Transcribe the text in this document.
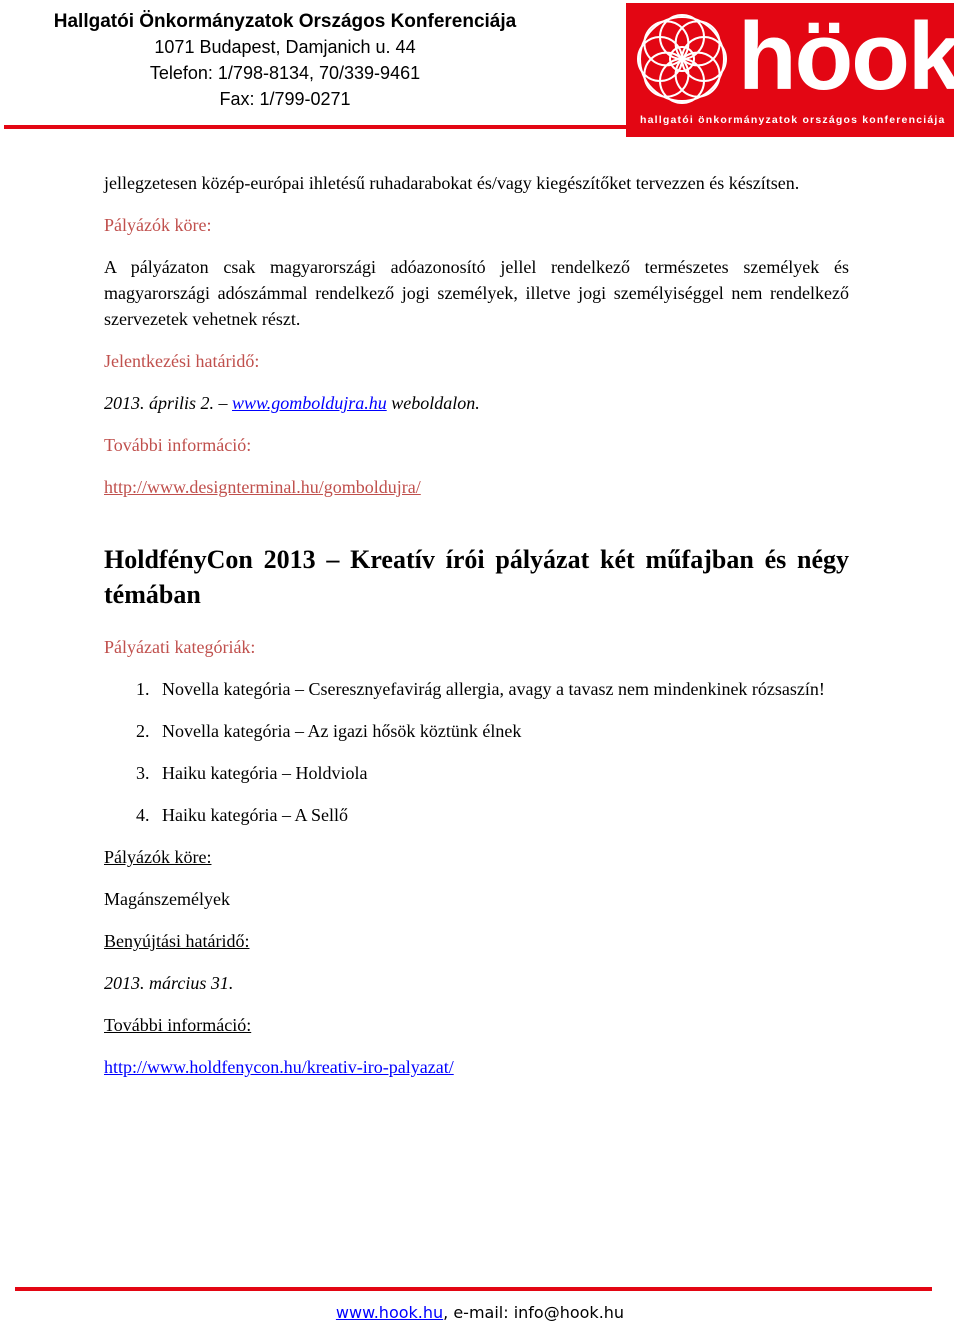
Hallgatói Önkormányzatok Országos Konferenciája
1071 Budapest, Damjanich u. 44
Telefon: 1/798-8134, 70/339-9461
Fax: 1/799-0271	höok
hallgatói önkormányzatok országos konferenciája

jellegzetesen közép-európai ihletésű ruhadarabokat és/vagy kiegészítőket tervezzen és készítsen.

Pályázók köre:

A pályázaton csak magyarországi adóazonosító jellel rendelkező természetes személyek és magyarországi adószámmal rendelkező jogi személyek, illetve jogi személyiséggel nem rendelkező szervezetek vehetnek részt.

Jelentkezési határidő:

2013. április 2. – www.gomboldujra.hu weboldalon.

További információ:

http://www.designterminal.hu/gomboldujra/

HoldfényCon 2013 – Kreatív írói pályázat két műfajban és négy témában

Pályázati kategóriák:

1. Novella kategória – Cseresznyefavirág allergia, avagy a tavasz nem mindenkinek rózsaszín!
2. Novella kategória – Az igazi hősök köztünk élnek
3. Haiku kategória – Holdviola
4. Haiku kategória – A Sellő

Pályázók köre:

Magánszemélyek

Benyújtási határidő:

2013. március 31.

További információ:

http://www.holdfenycon.hu/kreativ-iro-palyazat/

www.hook.hu, e-mail: info@hook.hu
